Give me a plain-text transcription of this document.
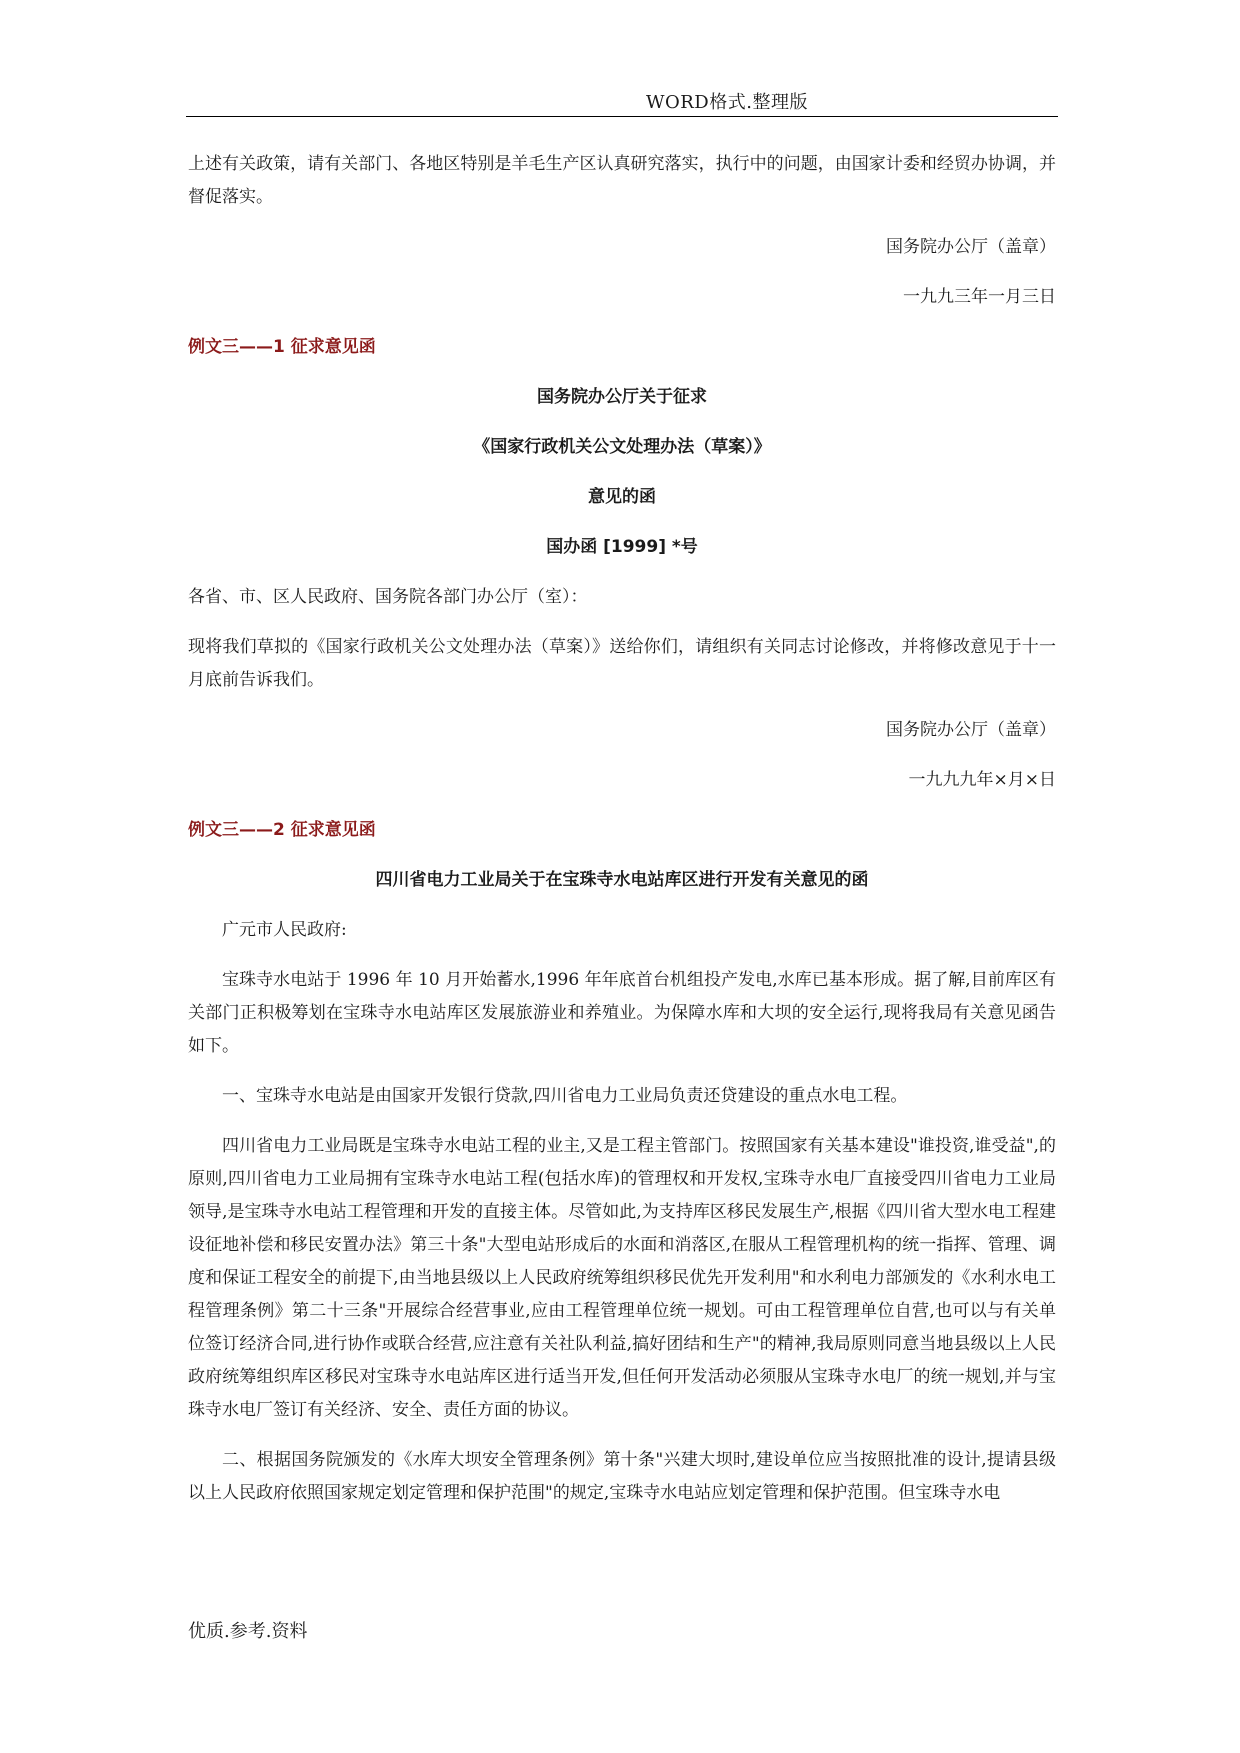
WORD格式.整理版

上述有关政策，请有关部门、各地区特别是羊毛生产区认真研究落实，执行中的问题，由国家计委和经贸办协调，并督促落实。

国务院办公厅（盖章）

一九九三年一月三日

例文三——1 征求意见函

国务院办公厅关于征求

《国家行政机关公文处理办法（草案）》

意见的函

国办函 [1999] *号

各省、市、区人民政府、国务院各部门办公厅（室）：

现将我们草拟的《国家行政机关公文处理办法（草案）》送给你们，请组织有关同志讨论修改，并将修改意见于十一月底前告诉我们。

国务院办公厅（盖章）

一九九九年×月×日

例文三——2 征求意见函

四川省电力工业局关于在宝珠寺水电站库区进行开发有关意见的函

广元市人民政府:

宝珠寺水电站于 1996 年 10 月开始蓄水,1996 年年底首台机组投产发电,水库已基本形成。据了解,目前库区有关部门正积极筹划在宝珠寺水电站库区发展旅游业和养殖业。为保障水库和大坝的安全运行,现将我局有关意见函告如下。

一、宝珠寺水电站是由国家开发银行贷款,四川省电力工业局负责还贷建设的重点水电工程。

四川省电力工业局既是宝珠寺水电站工程的业主,又是工程主管部门。按照国家有关基本建设"谁投资,谁受益",的原则,四川省电力工业局拥有宝珠寺水电站工程(包括水库)的管理权和开发权,宝珠寺水电厂直接受四川省电力工业局领导,是宝珠寺水电站工程管理和开发的直接主体。尽管如此,为支持库区移民发展生产,根据《四川省大型水电工程建设征地补偿和移民安置办法》第三十条"大型电站形成后的水面和消落区,在服从工程管理机构的统一指挥、管理、调度和保证工程安全的前提下,由当地县级以上人民政府统筹组织移民优先开发利用"和水利电力部颁发的《水利水电工程管理条例》第二十三条"开展综合经营事业,应由工程管理单位统一规划。可由工程管理单位自营,也可以与有关单位签订经济合同,进行协作或联合经营,应注意有关社队利益,搞好团结和生产"的精神,我局原则同意当地县级以上人民政府统筹组织库区移民对宝珠寺水电站库区进行适当开发,但任何开发活动必须服从宝珠寺水电厂的统一规划,并与宝珠寺水电厂签订有关经济、安全、责任方面的协议。

二、根据国务院颁发的《水库大坝安全管理条例》第十条"兴建大坝时,建设单位应当按照批准的设计,提请县级以上人民政府依照国家规定划定管理和保护范围"的规定,宝珠寺水电站应划定管理和保护范围。但宝珠寺水电

优质.参考.资料
